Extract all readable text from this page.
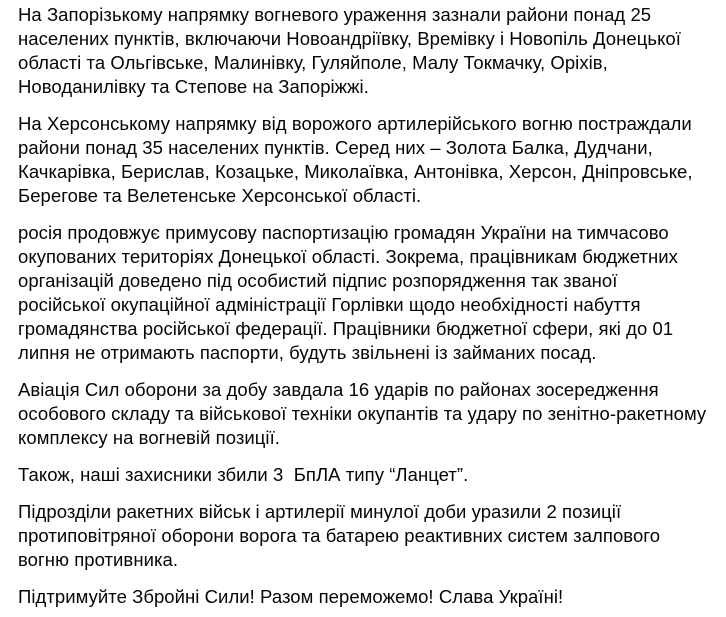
На Запорізькому напрямку вогневого ураження зазнали райони понад 25
населених пунктів, включаючи Новоандріївку, Времівку і Новопіль Донецької
області та Ольгівське, Малинівку, Гуляйполе, Малу Токмачку, Оріхів,
Новоданилівку та Степове на Запоріжжі.

На Херсонському напрямку від ворожого артилерійського вогню постраждали
райони понад 35 населених пунктів. Серед них – Золота Балка, Дудчани,
Качкарівка, Берислав, Козацьке, Миколаївка, Антонівка, Херсон, Дніпровське,
Берегове та Велетенське Херсонської області.

росія продовжує примусову паспортизацію громадян України на тимчасово
окупованих територіях Донецької області. Зокрема, працівникам бюджетних
організацій доведено під особистий підпис розпорядження так званої
російської окупаційної адміністрації Горлівки щодо необхідності набуття
громадянства російської федерації. Працівники бюджетної сфери, які до 01
липня не отримають паспорти, будуть звільнені із займаних посад.

Авіація Сил оборони за добу завдала 16 ударів по районах зосередження
особового складу та військової техніки окупантів та удару по зенітно-ракетному
комплексу на вогневій позиції.

Також, наші захисники збили 3  БпЛА типу “Ланцет”.

Підрозділи ракетних військ і артилерії минулої доби уразили 2 позиції
протиповітряної оборони ворога та батарею реактивних систем залпового
вогню противника.

Підтримуйте Збройні Сили! Разом переможемо! Слава Україні!
